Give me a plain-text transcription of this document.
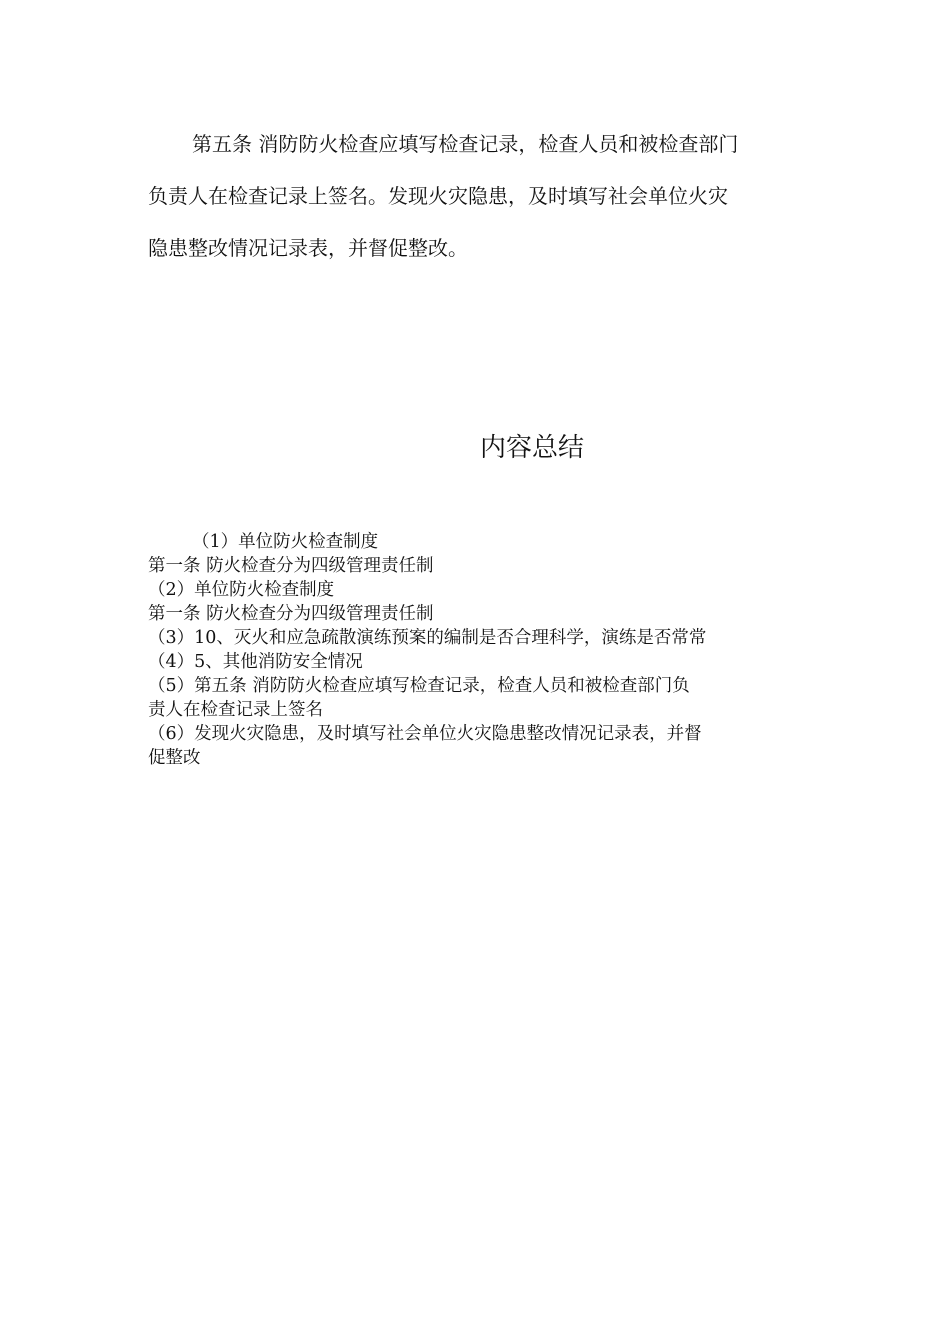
第五条 消防防火检查应填写检查记录，检查人员和被检查部门

负责人在检查记录上签名。发现火灾隐患，及时填写社会单位火灾

隐患整改情况记录表，并督促整改。

内容总结

（1）单位防火检查制度

第一条 防火检查分为四级管理责任制

（2）单位防火检查制度

第一条 防火检查分为四级管理责任制

（3）10、灭火和应急疏散演练预案的编制是否合理科学，演练是否常常

（4）5、其他消防安全情况

（5）第五条 消防防火检查应填写检查记录，检查人员和被检查部门负

责人在检查记录上签名

（6）发现火灾隐患，及时填写社会单位火灾隐患整改情况记录表，并督

促整改
